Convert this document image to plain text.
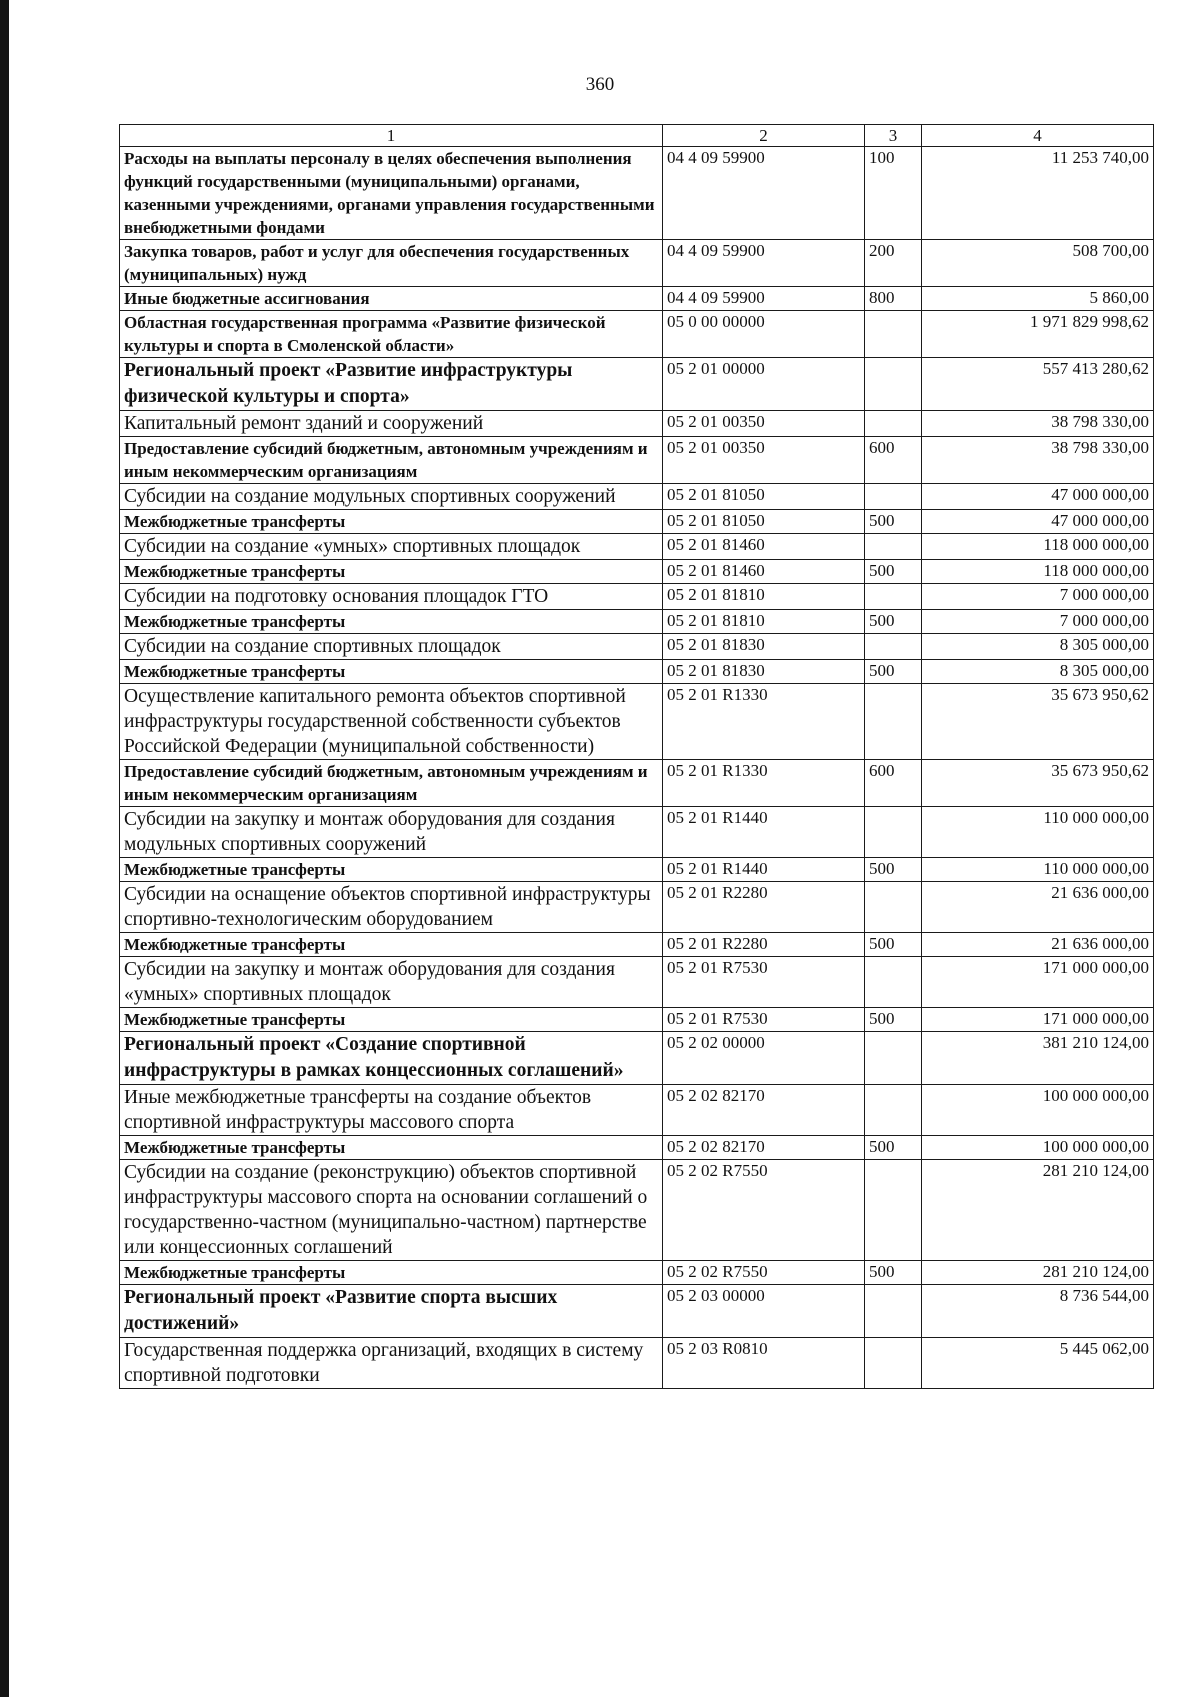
360
1	2	3	4
Расходы на выплаты персоналу в целях обеспечения выполнения функций государственными (муниципальными) органами, казенными учреждениями, органами управления государственными внебюджетными фондами	04 4 09 59900	100	11 253 740,00
Закупка товаров, работ и услуг для обеспечения государственных (муниципальных) нужд	04 4 09 59900	200	508 700,00
Иные бюджетные ассигнования	04 4 09 59900	800	5 860,00
Областная государственная программа «Развитие физической культуры и спорта в Смоленской области»	05 0 00 00000		1 971 829 998,62
Региональный проект «Развитие инфраструктуры физической культуры и спорта»	05 2 01 00000		557 413 280,62
Капитальный ремонт зданий и сооружений	05 2 01 00350		38 798 330,00
Предоставление субсидий бюджетным, автономным учреждениям и иным некоммерческим организациям	05 2 01 00350	600	38 798 330,00
Субсидии на создание модульных спортивных сооружений	05 2 01 81050		47 000 000,00
Межбюджетные трансферты	05 2 01 81050	500	47 000 000,00
Субсидии на создание «умных» спортивных площадок	05 2 01 81460		118 000 000,00
Межбюджетные трансферты	05 2 01 81460	500	118 000 000,00
Субсидии на подготовку основания площадок ГТО	05 2 01 81810		7 000 000,00
Межбюджетные трансферты	05 2 01 81810	500	7 000 000,00
Субсидии на создание спортивных площадок	05 2 01 81830		8 305 000,00
Межбюджетные трансферты	05 2 01 81830	500	8 305 000,00
Осуществление капитального ремонта объектов спортивной инфраструктуры государственной собственности субъектов Российской Федерации (муниципальной собственности)	05 2 01 R1330		35 673 950,62
Предоставление субсидий бюджетным, автономным учреждениям и иным некоммерческим организациям	05 2 01 R1330	600	35 673 950,62
Субсидии на закупку и монтаж оборудования для создания модульных спортивных сооружений	05 2 01 R1440		110 000 000,00
Межбюджетные трансферты	05 2 01 R1440	500	110 000 000,00
Субсидии на оснащение объектов спортивной инфраструктуры спортивно-технологическим оборудованием	05 2 01 R2280		21 636 000,00
Межбюджетные трансферты	05 2 01 R2280	500	21 636 000,00
Субсидии на закупку и монтаж оборудования для создания «умных» спортивных площадок	05 2 01 R7530		171 000 000,00
Межбюджетные трансферты	05 2 01 R7530	500	171 000 000,00
Региональный проект «Создание спортивной инфраструктуры в рамках концессионных соглашений»	05 2 02 00000		381 210 124,00
Иные межбюджетные трансферты на создание объектов спортивной инфраструктуры массового спорта	05 2 02 82170		100 000 000,00
Межбюджетные трансферты	05 2 02 82170	500	100 000 000,00
Субсидии на создание (реконструкцию) объектов спортивной инфраструктуры массового спорта на основании соглашений о государственно-частном (муниципально-частном) партнерстве или концессионных соглашений	05 2 02 R7550		281 210 124,00
Межбюджетные трансферты	05 2 02 R7550	500	281 210 124,00
Региональный проект «Развитие спорта высших достижений»	05 2 03 00000		8 736 544,00
Государственная поддержка организаций, входящих в систему спортивной подготовки	05 2 03 R0810		5 445 062,00
